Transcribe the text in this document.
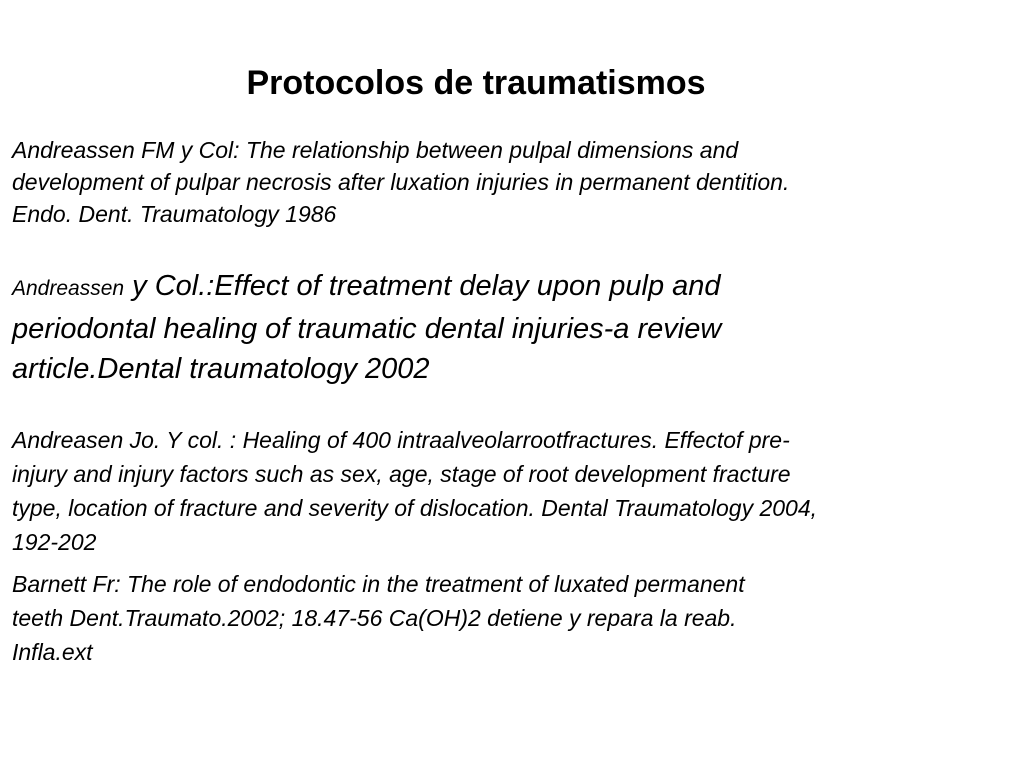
Protocolos de traumatismos

Andreassen FM y Col: The relationship between pulpal dimensions and
development of pulpar necrosis after luxation injuries in permanent dentition.
Endo. Dent. Traumatology 1986

Andreassen y Col.:Effect of treatment delay upon pulp and
periodontal healing of traumatic dental injuries-a review
article.Dental traumatology 2002

Andreasen Jo. Y col. : Healing of 400 intraalveolarrootfractures. Effectof pre-
injury and injury factors such as sex, age, stage of root development fracture
type, location of fracture and severity of dislocation. Dental Traumatology 2004,
192-202

Barnett Fr: The role of endodontic in the treatment of luxated permanent
teeth Dent.Traumato.2002; 18.47-56 Ca(OH)2 detiene y repara la reab.
Infla.ext
